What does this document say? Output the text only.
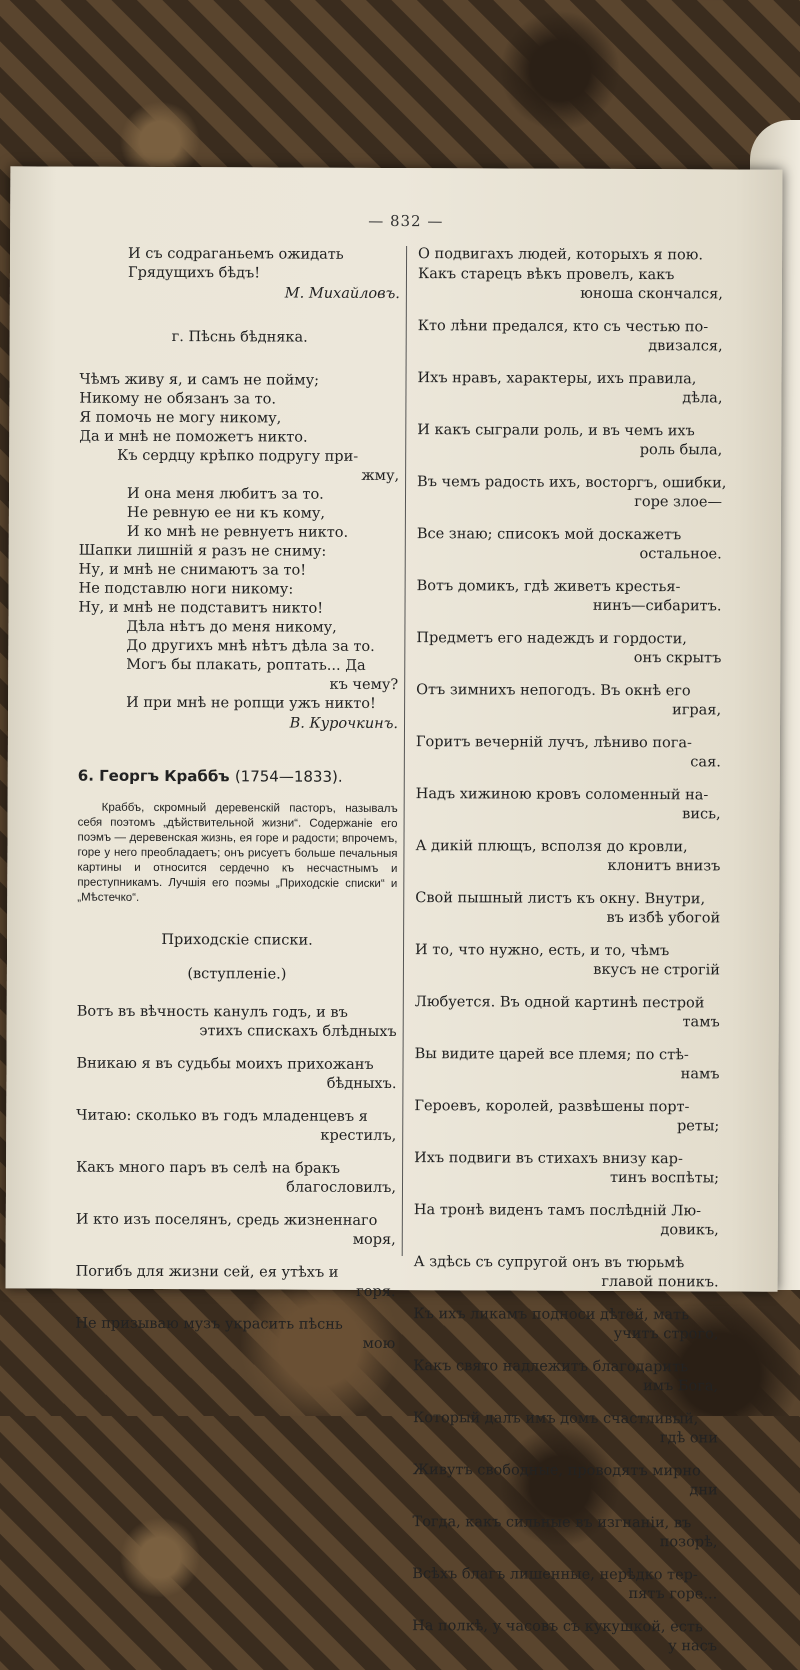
— 832 —
И съ содраганьемъ ожидать
Грядущихъ бѣдъ!
М. Михайловъ.
г. Пѣснь бѣдняка.
Чѣмъ живу я, и самъ не пойму;
Никому не обязанъ за то.
Я помочь не могу никому,
Да и мнѣ не поможетъ никто.
Къ сердцу крѣпко подругу при-
жму,
И она меня любитъ за то.
Не ревную ее ни къ кому,
И ко мнѣ не ревнуетъ никто.
Шапки лишній я разъ не сниму:
Ну, и мнѣ не снимаютъ за то!
Не подставлю ноги никому:
Ну, и мнѣ не подставитъ никто!
Дѣла нѣтъ до меня никому,
До другихъ мнѣ нѣтъ дѣла за то.
Могъ бы плакать, роптать... Да
къ чему?
И при мнѣ не ропщи ужъ никто!
В. Курочкинъ.
6. Георгъ Краббъ (1754—1833).
Краббъ, скромный деревенскій пасторъ, называлъ себя поэтомъ „дѣйствительной жизни“. Содержаніе его поэмъ — деревенская жизнь, ея горе и радости; впрочемъ, горе у него преобладаетъ; онъ рисуетъ больше печальныя картины и относится сердечно къ несчастнымъ и преступникамъ. Лучшія его поэмы „Приходскіе списки“ и „Мѣстечко“.
Приходскіе списки.
(вступленіе.)
Вотъ въ вѣчность канулъ годъ, и въ
этихъ спискахъ блѣдныхъ
Вникаю я въ судьбы моихъ прихожанъ
бѣдныхъ.
Читаю: сколько въ годъ младенцевъ я
крестилъ,
Какъ много паръ въ селѣ на бракъ
благословилъ,
И кто изъ поселянъ, средь жизненнаго
моря,
Погибъ для жизни сей, ея утѣхъ и
горя.
Не призываю музъ украсить пѣснь
мою
О подвигахъ людей, которыхъ я пою.
Какъ старецъ вѣкъ провелъ, какъ
юноша скончался,
Кто лѣни предался, кто съ честью по-
двизался,
Ихъ нравъ, характеры, ихъ правила,
дѣла,
И какъ сыграли роль, и въ чемъ ихъ
роль была,
Въ чемъ радость ихъ, восторгъ, ошибки,
горе злое—
Все знаю; списокъ мой доскажетъ
остальное.
Вотъ домикъ, гдѣ живетъ крестья-
нинъ—сибаритъ.
Предметъ его надеждъ и гордости,
онъ скрытъ
Отъ зимнихъ непогодъ. Въ окнѣ его
играя,
Горитъ вечерній лучъ, лѣниво пога-
сая.
Надъ хижиною кровъ соломенный на-
вись,
А дикій плющъ, всползя до кровли,
клонитъ внизъ
Свой пышный листъ къ окну. Внутри,
въ избѣ убогой
И то, что нужно, есть, и то, чѣмъ
вкусъ не строгій
Любуется. Въ одной картинѣ пестрой
тамъ
Вы видите царей все племя; по стѣ-
намъ
Героевъ, королей, развѣшены порт-
реты;
Ихъ подвиги въ стихахъ внизу кар-
тинъ воспѣты;
На тронѣ виденъ тамъ послѣдній Лю-
довикъ,
А здѣсь съ супругой онъ въ тюрьмѣ
главой поникъ.
Къ ихъ ликамъ подноси дѣтей, мать
учитъ строго,
Какъ свято надлежитъ благодарить
имъ Бога,
Который далъ имъ домъ счастливый,
гдѣ они
Живутъ свободные, проводятъ мирно
дни
Тогда, какъ сильные въ изгнаніи, въ
позорѣ,
Всѣхъ благъ лишенные, нерѣдко тер-
пятъ горе...
На полкѣ, у часовъ съ кукушкой, есть
у насъ
